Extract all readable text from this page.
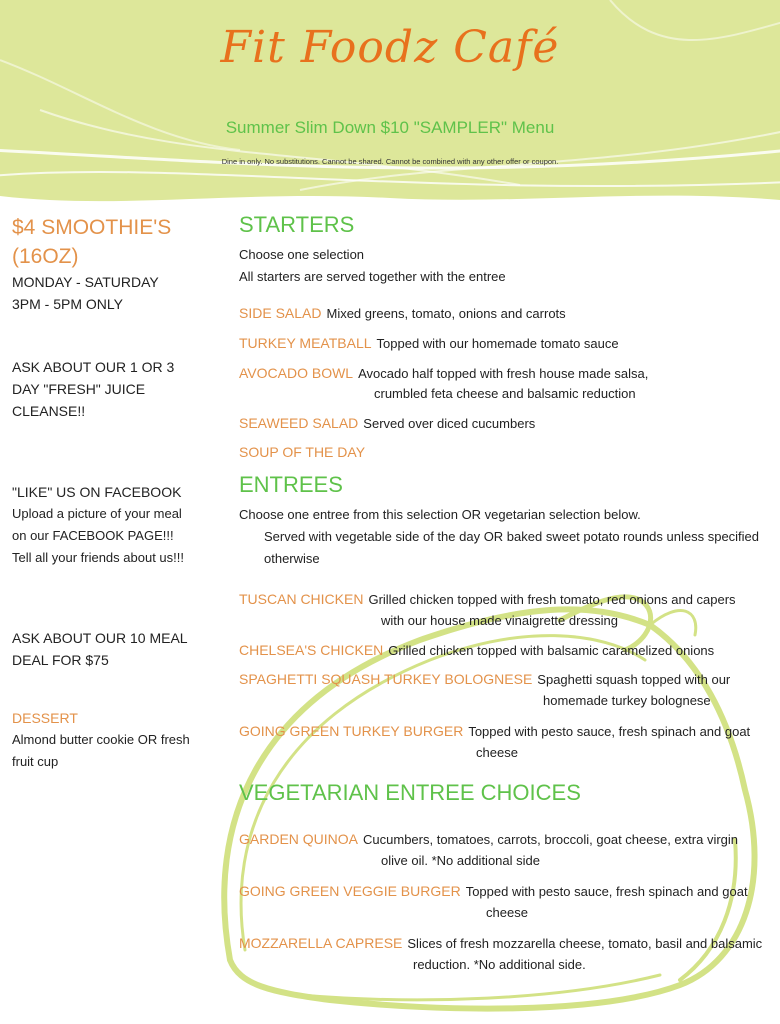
Fit Foodz Café
Summer Slim Down $10 "SAMPLER" Menu
Dine in only. No substitutions. Cannot be shared. Cannot be combined with any other offer or coupon.
$4 SMOOTHIE'S
(16OZ)
MONDAY - SATURDAY
3PM - 5PM ONLY
ASK ABOUT OUR 1 OR 3
DAY "FRESH" JUICE
CLEANSE!!
"LIKE" US ON FACEBOOK
Upload a picture of your meal
on our FACEBOOK PAGE!!!
Tell all your friends about us!!!
ASK ABOUT OUR 10 MEAL
DEAL FOR $75
DESSERT
Almond butter cookie OR fresh
fruit cup
STARTERS
Choose one selection
All starters are served together with the entree
SIDE SALAD Mixed greens, tomato, onions and carrots
TURKEY MEATBALL Topped with our homemade tomato sauce
AVOCADO BOWL Avocado half topped with fresh house made salsa,
crumbled feta cheese and balsamic reduction
SEAWEED SALAD Served over diced cucumbers
SOUP OF THE DAY
ENTREES
Choose one entree from this selection OR vegetarian selection below.
Served with vegetable side of the day OR baked sweet potato rounds unless specified
otherwise
TUSCAN CHICKEN Grilled chicken topped with fresh tomato, red onions and capers
with our house made vinaigrette dressing
CHELSEA'S CHICKEN Grilled chicken topped with balsamic caramelized onions
SPAGHETTI SQUASH TURKEY BOLOGNESE Spaghetti squash topped with our
homemade turkey bolognese
GOING GREEN TURKEY BURGER Topped with pesto sauce, fresh spinach and goat
cheese
VEGETARIAN ENTREE CHOICES
GARDEN QUINOA Cucumbers, tomatoes, carrots, broccoli, goat cheese, extra virgin
olive oil. *No additional side
GOING GREEN VEGGIE BURGER Topped with pesto sauce, fresh spinach and goat
cheese
MOZZARELLA CAPRESE Slices of fresh mozzarella cheese, tomato, basil and balsamic
reduction. *No additional side.
